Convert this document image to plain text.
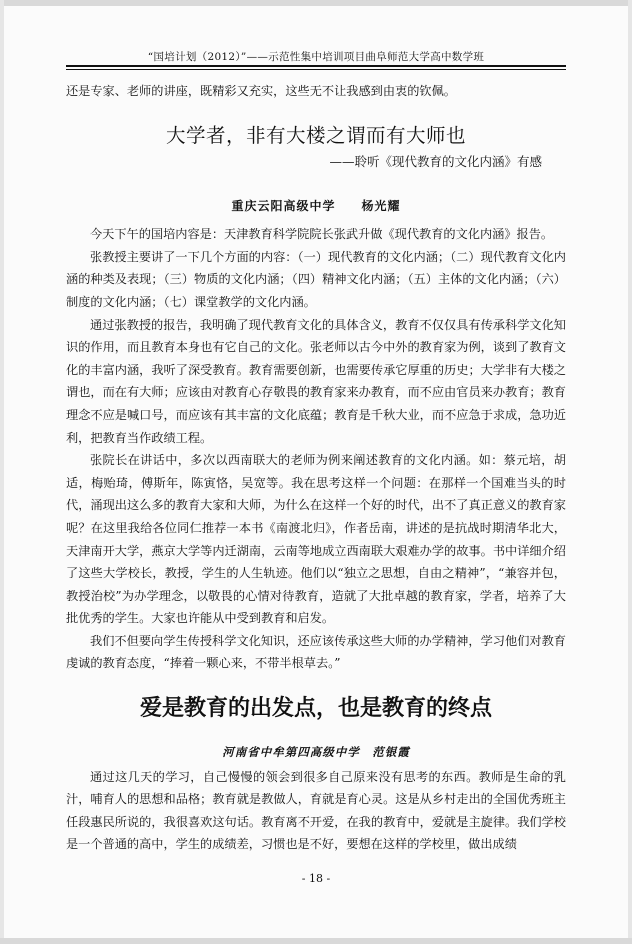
“国培计划（2012）”——示范性集中培训项目曲阜师范大学高中数学班

还是专家、老师的讲座，既精彩又充实，这些无不让我感到由衷的钦佩。

大学者，非有大楼之谓而有大师也

——聆听《现代教育的文化内涵》有感

重庆云阳高级中学　　杨光耀

今天下午的国培内容是：天津教育科学院院长张武升做《现代教育的文化内涵》报告。

张教授主要讲了一下几个方面的内容：（一）现代教育的文化内涵；（二）现代教育文化内涵的种类及表现；（三）物质的文化内涵；（四）精神文化内涵；（五）主体的文化内涵；（六）制度的文化内涵；（七）课堂教学的文化内涵。

通过张教授的报告，我明确了现代教育文化的具体含义，教育不仅仅具有传承科学文化知识的作用，而且教育本身也有它自己的文化。张老师以古今中外的教育家为例，谈到了教育文化的丰富内涵，我听了深受教育。教育需要创新，也需要传承它厚重的历史；大学非有大楼之谓也，而在有大师；应该由对教育心存敬畏的教育家来办教育，而不应由官员来办教育；教育理念不应是喊口号，而应该有其丰富的文化底蕴；教育是千秋大业，而不应急于求成，急功近利，把教育当作政绩工程。

张院长在讲话中，多次以西南联大的老师为例来阐述教育的文化内涵。如：蔡元培，胡适，梅贻琦，傅斯年，陈寅恪，吴宽等。我在思考这样一个问题：在那样一个国难当头的时代，涌现出这么多的教育大家和大师，为什么在这样一个好的时代，出不了真正意义的教育家呢？在这里我给各位同仁推荐一本书《南渡北归》，作者岳南，讲述的是抗战时期清华北大，天津南开大学，燕京大学等内迁湖南，云南等地成立西南联大艰难办学的故事。书中详细介绍了这些大学校长，教授，学生的人生轨迹。他们以“独立之思想，自由之精神”，“兼容并包，教授治校”为办学理念，以敬畏的心情对待教育，造就了大批卓越的教育家，学者，培养了大批优秀的学生。大家也许能从中受到教育和启发。

我们不但要向学生传授科学文化知识，还应该传承这些大师的办学精神，学习他们对教育虔诚的教育态度，“捧着一颗心来，不带半根草去。”

爱是教育的出发点，也是教育的终点

河南省中牟第四高级中学　范银霞

通过这几天的学习，自己慢慢的领会到很多自己原来没有思考的东西。教师是生命的乳汁，哺育人的思想和品格；教育就是教做人，育就是育心灵。这是从乡村走出的全国优秀班主任段惠民所说的，我很喜欢这句话。教育离不开爱，在我的教育中，爱就是主旋律。我们学校是一个普通的高中，学生的成绩差，习惯也是不好，要想在这样的学校里，做出成绩

- 18 -
